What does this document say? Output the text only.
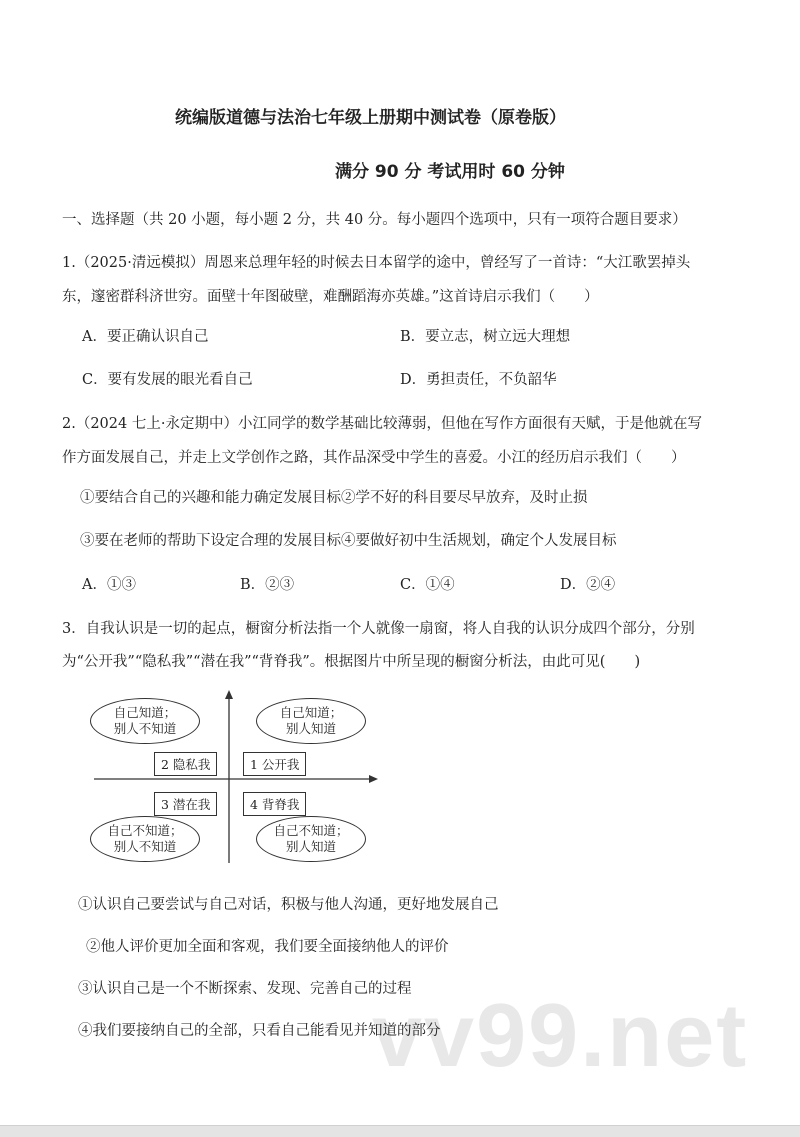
vv99.net
统编版道德与法治七年级上册期中测试卷（原卷版）
满分 90 分 考试用时 60 分钟
一、选择题（共 20 小题，每小题 2 分，共 40 分。每小题四个选项中，只有一项符合题目要求）
1.（2025·清远模拟）周恩来总理年轻的时候去日本留学的途中，曾经写了一首诗：“大江歌罢掉头
东，邃密群科济世穷。面壁十年图破壁，难酬蹈海亦英雄。”这首诗启示我们（　　）
A．要正确认识自己	B．要立志，树立远大理想
C．要有发展的眼光看自己	D．勇担责任，不负韶华
2.（2024 七上·永定期中）小江同学的数学基础比较薄弱，但他在写作方面很有天赋，于是他就在写
作方面发展自己，并走上文学创作之路，其作品深受中学生的喜爱。小江的经历启示我们（　　）
①要结合自己的兴趣和能力确定发展目标②学不好的科目要尽早放弃，及时止损
③要在老师的帮助下设定合理的发展目标④要做好初中生活规划，确定个人发展目标
A．①③	B．②③	C．①④	D．②④
3．自我认识是一切的起点，橱窗分析法指一个人就像一扇窗，将人自我的认识分成四个部分，分别
为“公开我”“隐私我”“潜在我”“背脊我”。根据图片中所呈现的橱窗分析法，由此可见(　　)
自己知道；
别人不知道
自己知道；
别人知道
自己不知道；
别人不知道
自己不知道；
别人知道
2 隐私我	1 公开我
3 潜在我	4 背脊我
①认识自己要尝试与自己对话，积极与他人沟通，更好地发展自己
②他人评价更加全面和客观，我们要全面接纳他人的评价
③认识自己是一个不断探索、发现、完善自己的过程
④我们要接纳自己的全部，只看自己能看见并知道的部分
